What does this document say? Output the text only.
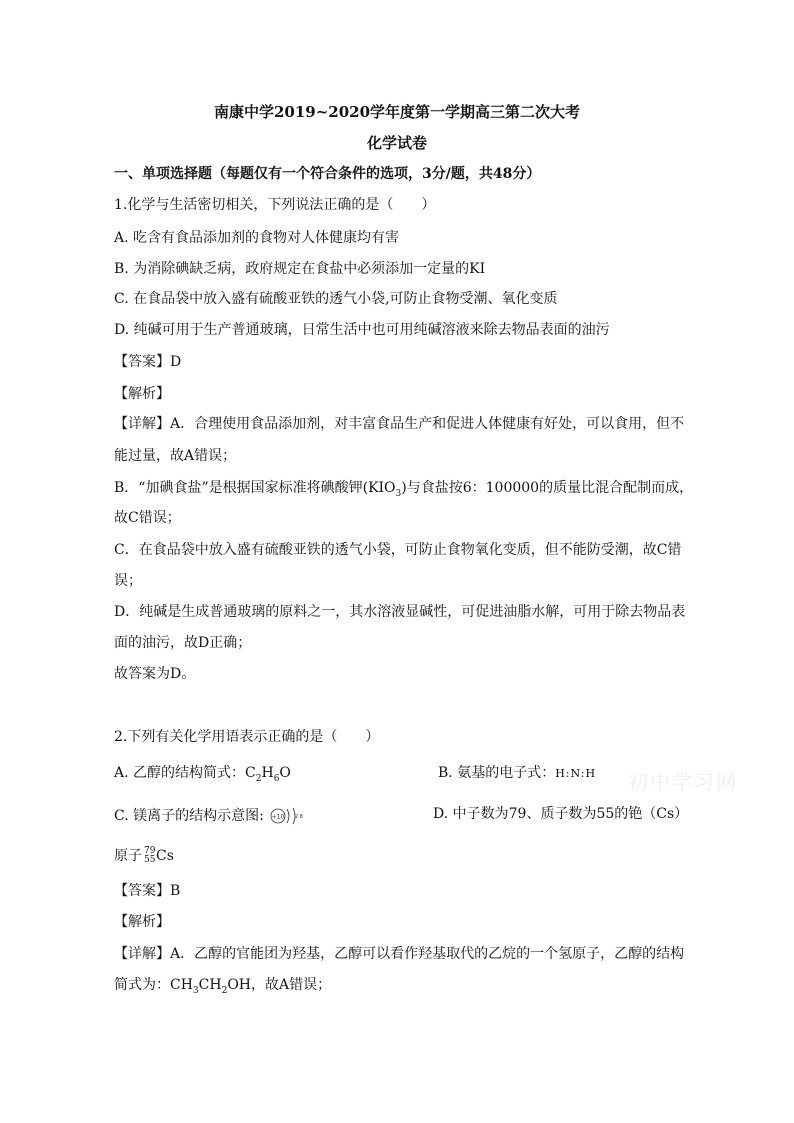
南康中学2019~2020学年度第一学期高三第二次大考
化学试卷
一、单项选择题（每题仅有一个符合条件的选项，3分/题，共48分）
1.化学与生活密切相关，下列说法正确的是（　　）
A. 吃含有食品添加剂的食物对人体健康均有害
B. 为消除碘缺乏病，政府规定在食盐中必须添加一定量的KI
C. 在食品袋中放入盛有硫酸亚铁的透气小袋,可防止食物受潮、氧化变质
D. 纯碱可用于生产普通玻璃，日常生活中也可用纯碱溶液来除去物品表面的油污
【答案】D
【解析】
【详解】A．合理使用食品添加剂，对丰富食品生产和促进人体健康有好处，可以食用，但不
能过量，故A错误；
B．“加碘食盐”是根据国家标准将碘酸钾$(KIO_3)$与食盐按6：100000的质量比混合配制而成，
故C错误；
C．在食品袋中放入盛有硫酸亚铁的透气小袋，可防止食物氧化变质，但不能防受潮，故C错
误；
D．纯碱是生成普通玻璃的原料之一，其水溶液显碱性，可促进油脂水解，可用于除去物品表
面的油污，故D正确；
故答案为D。
2.下列有关化学用语表示正确的是（　　）
A. 乙醇的结构简式：$C_2H_6O$	B. 氨基的电子式：H:N:H
C. 镁离子的结构示意图: +10 2 8	D. 中子数为79、质子数为55的铯（Cs）
原子 79
55 Cs
【答案】B
【解析】
【详解】A．乙醇的官能团为羟基，乙醇可以看作羟基取代的乙烷的一个氢原子，乙醇的结构
简式为：$CH_3CH_2OH$，故A错误；
初中学习网
